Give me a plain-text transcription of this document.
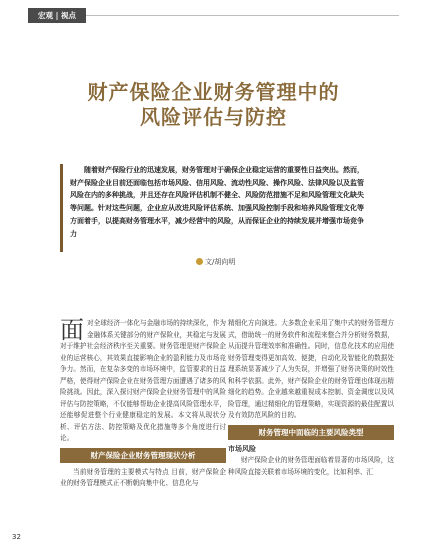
宏观 | 视点
财产保险企业财务管理中的
风险评估与防控
随着财产保险行业的迅速发展，财务管理对于确保企业稳定运营的重要性日益突出。然而，财产保险企业目前还面临包括市场风险、信用风险、流动性风险、操作风险、法律风险以及监管风险在内的多种挑战，并且还存在风险评估机制不健全、风险防范措施不足和风险管理文化缺失等问题。针对这些问题，企业应从改进风险评估系统、加强风险控制手段和培养风险管理文化等方面着手，以提高财务管理水平，减少经营中的风险，从而保证企业的持续发展并增强市场竞争力
文/胡向明

面对全球经济一体化与金融市场的持续深化，作为金融体系关键部分的财产保险业，其稳定与发展对于维护社会经济秩序至关重要。财务管理是财产保险企业的运营核心，其效果直接影响企业的盈利能力及市场竞争力。然而，在复杂多变的市场环境中，监管要求的日益严格，使得财产保险企业在财务管理方面遭遇了诸多的风险挑战。因此，深入探讨财产保险企业财务管理中的风险评估与防控策略，不仅能够帮助企业提高风险管理水平，还能够促进整个行业健康稳定的发展。本文将从现状分析、评估方法、防控策略及优化措施等多个角度进行讨论。

财产保险企业财务管理现状分析

当前财务管理的主要模式与特点 目前，财产保险企业的财务管理模式正不断朝向集中化、信息化与

精细化方向演进。大多数企业采用了集中式的财务管理方式，借助统一的财务软件和流程来整合并分析财务数据，从而提升管理效率和准确性。同时，信息化技术的应用使财务管理变得更加高效、便捷，自动化及智能化的数据处理系统显著减少了人为失误，并增强了财务决策的时效性和科学依据。此外，财产保险企业的财务管理也体现出精细化的趋势。企业越来越重视成本控制、资金调度以及风险管理，通过精细化的管理策略，实现资源的最佳配置以及有效防范风险的目的。

财务管理中面临的主要风险类型
市场风险

财产保险企业的财务管理面临着显著的市场风险，这种风险直接关联着市场环境的变化，比如利率、汇

32
